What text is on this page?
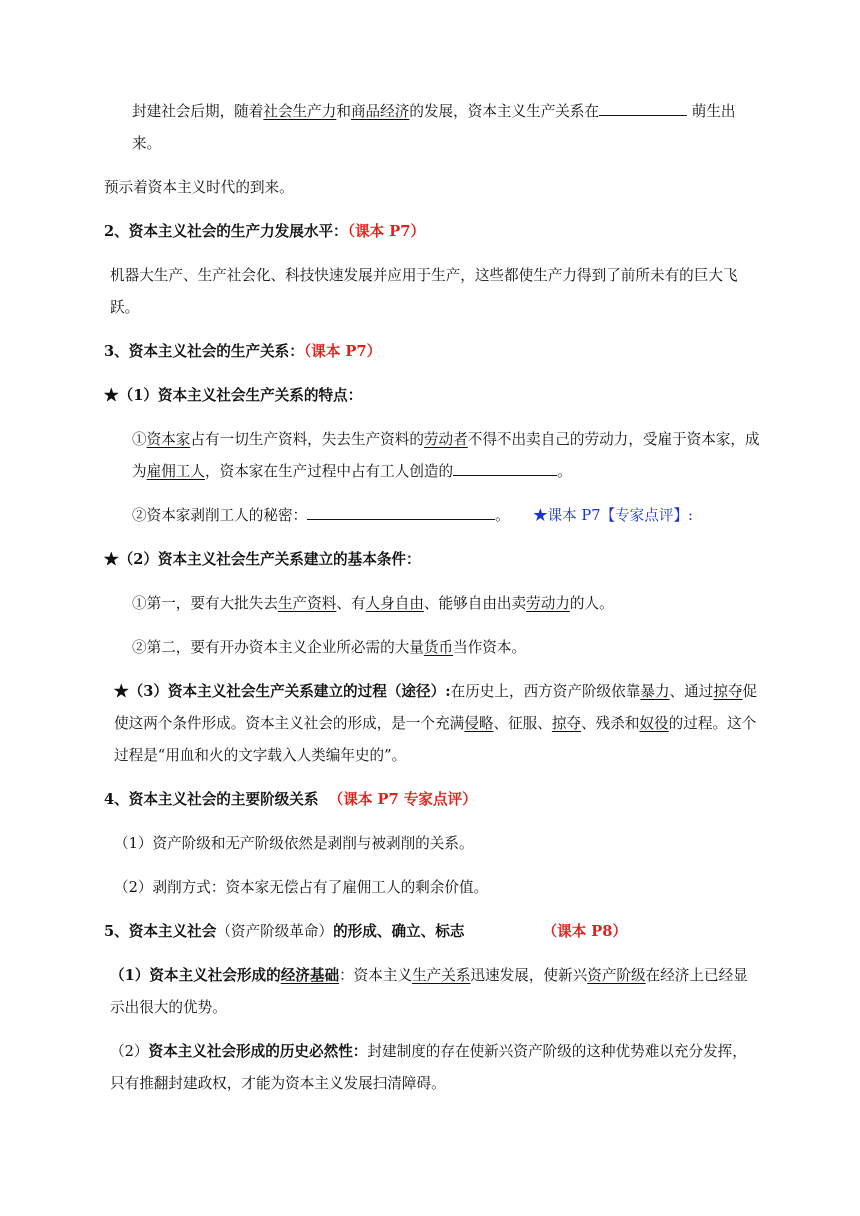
封建社会后期，随着社会生产力和商品经济的发展，资本主义生产关系在	萌生出来。

预示着资本主义时代的到来。

2、资本主义社会的生产力发展水平：（课本 P7）

机器大生产、生产社会化、科技快速发展并应用于生产，这些都使生产力得到了前所未有的巨大飞跃。

3、资本主义社会的生产关系：（课本 P7）

★（1）资本主义社会生产关系的特点：

①资本家占有一切生产资料，失去生产资料的劳动者不得不出卖自己的劳动力，受雇于资本家，成为雇佣工人，资本家在生产过程中占有工人创造的	。

②资本家剥削工人的秘密：	。 ★课本 P7【专家点评】:

★（2）资本主义社会生产关系建立的基本条件：

①第一，要有大批失去生产资料、有人身自由、能够自由出卖劳动力的人。

②第二，要有开办资本主义企业所必需的大量货币当作资本。

★（3）资本主义社会生产关系建立的过程（途径）:在历史上，西方资产阶级依靠暴力、通过掠夺促使这两个条件形成。资本主义社会的形成，是一个充满侵略、征服、掠夺、残杀和奴役的过程。这个过程是“用血和火的文字载入人类编年史的”。

4、资本主义社会的主要阶级关系 （课本 P7 专家点评）

（1）资产阶级和无产阶级依然是剥削与被剥削的关系。

（2）剥削方式：资本家无偿占有了雇佣工人的剩余价值。

5、资本主义社会（资产阶级革命）的形成、确立、标志	（课本 P8）

（1）资本主义社会形成的经济基础：资本主义生产关系迅速发展，使新兴资产阶级在经济上已经显示出很大的优势。

（2）资本主义社会形成的历史必然性：封建制度的存在使新兴资产阶级的这种优势难以充分发挥，只有推翻封建政权，才能为资本主义发展扫清障碍。
